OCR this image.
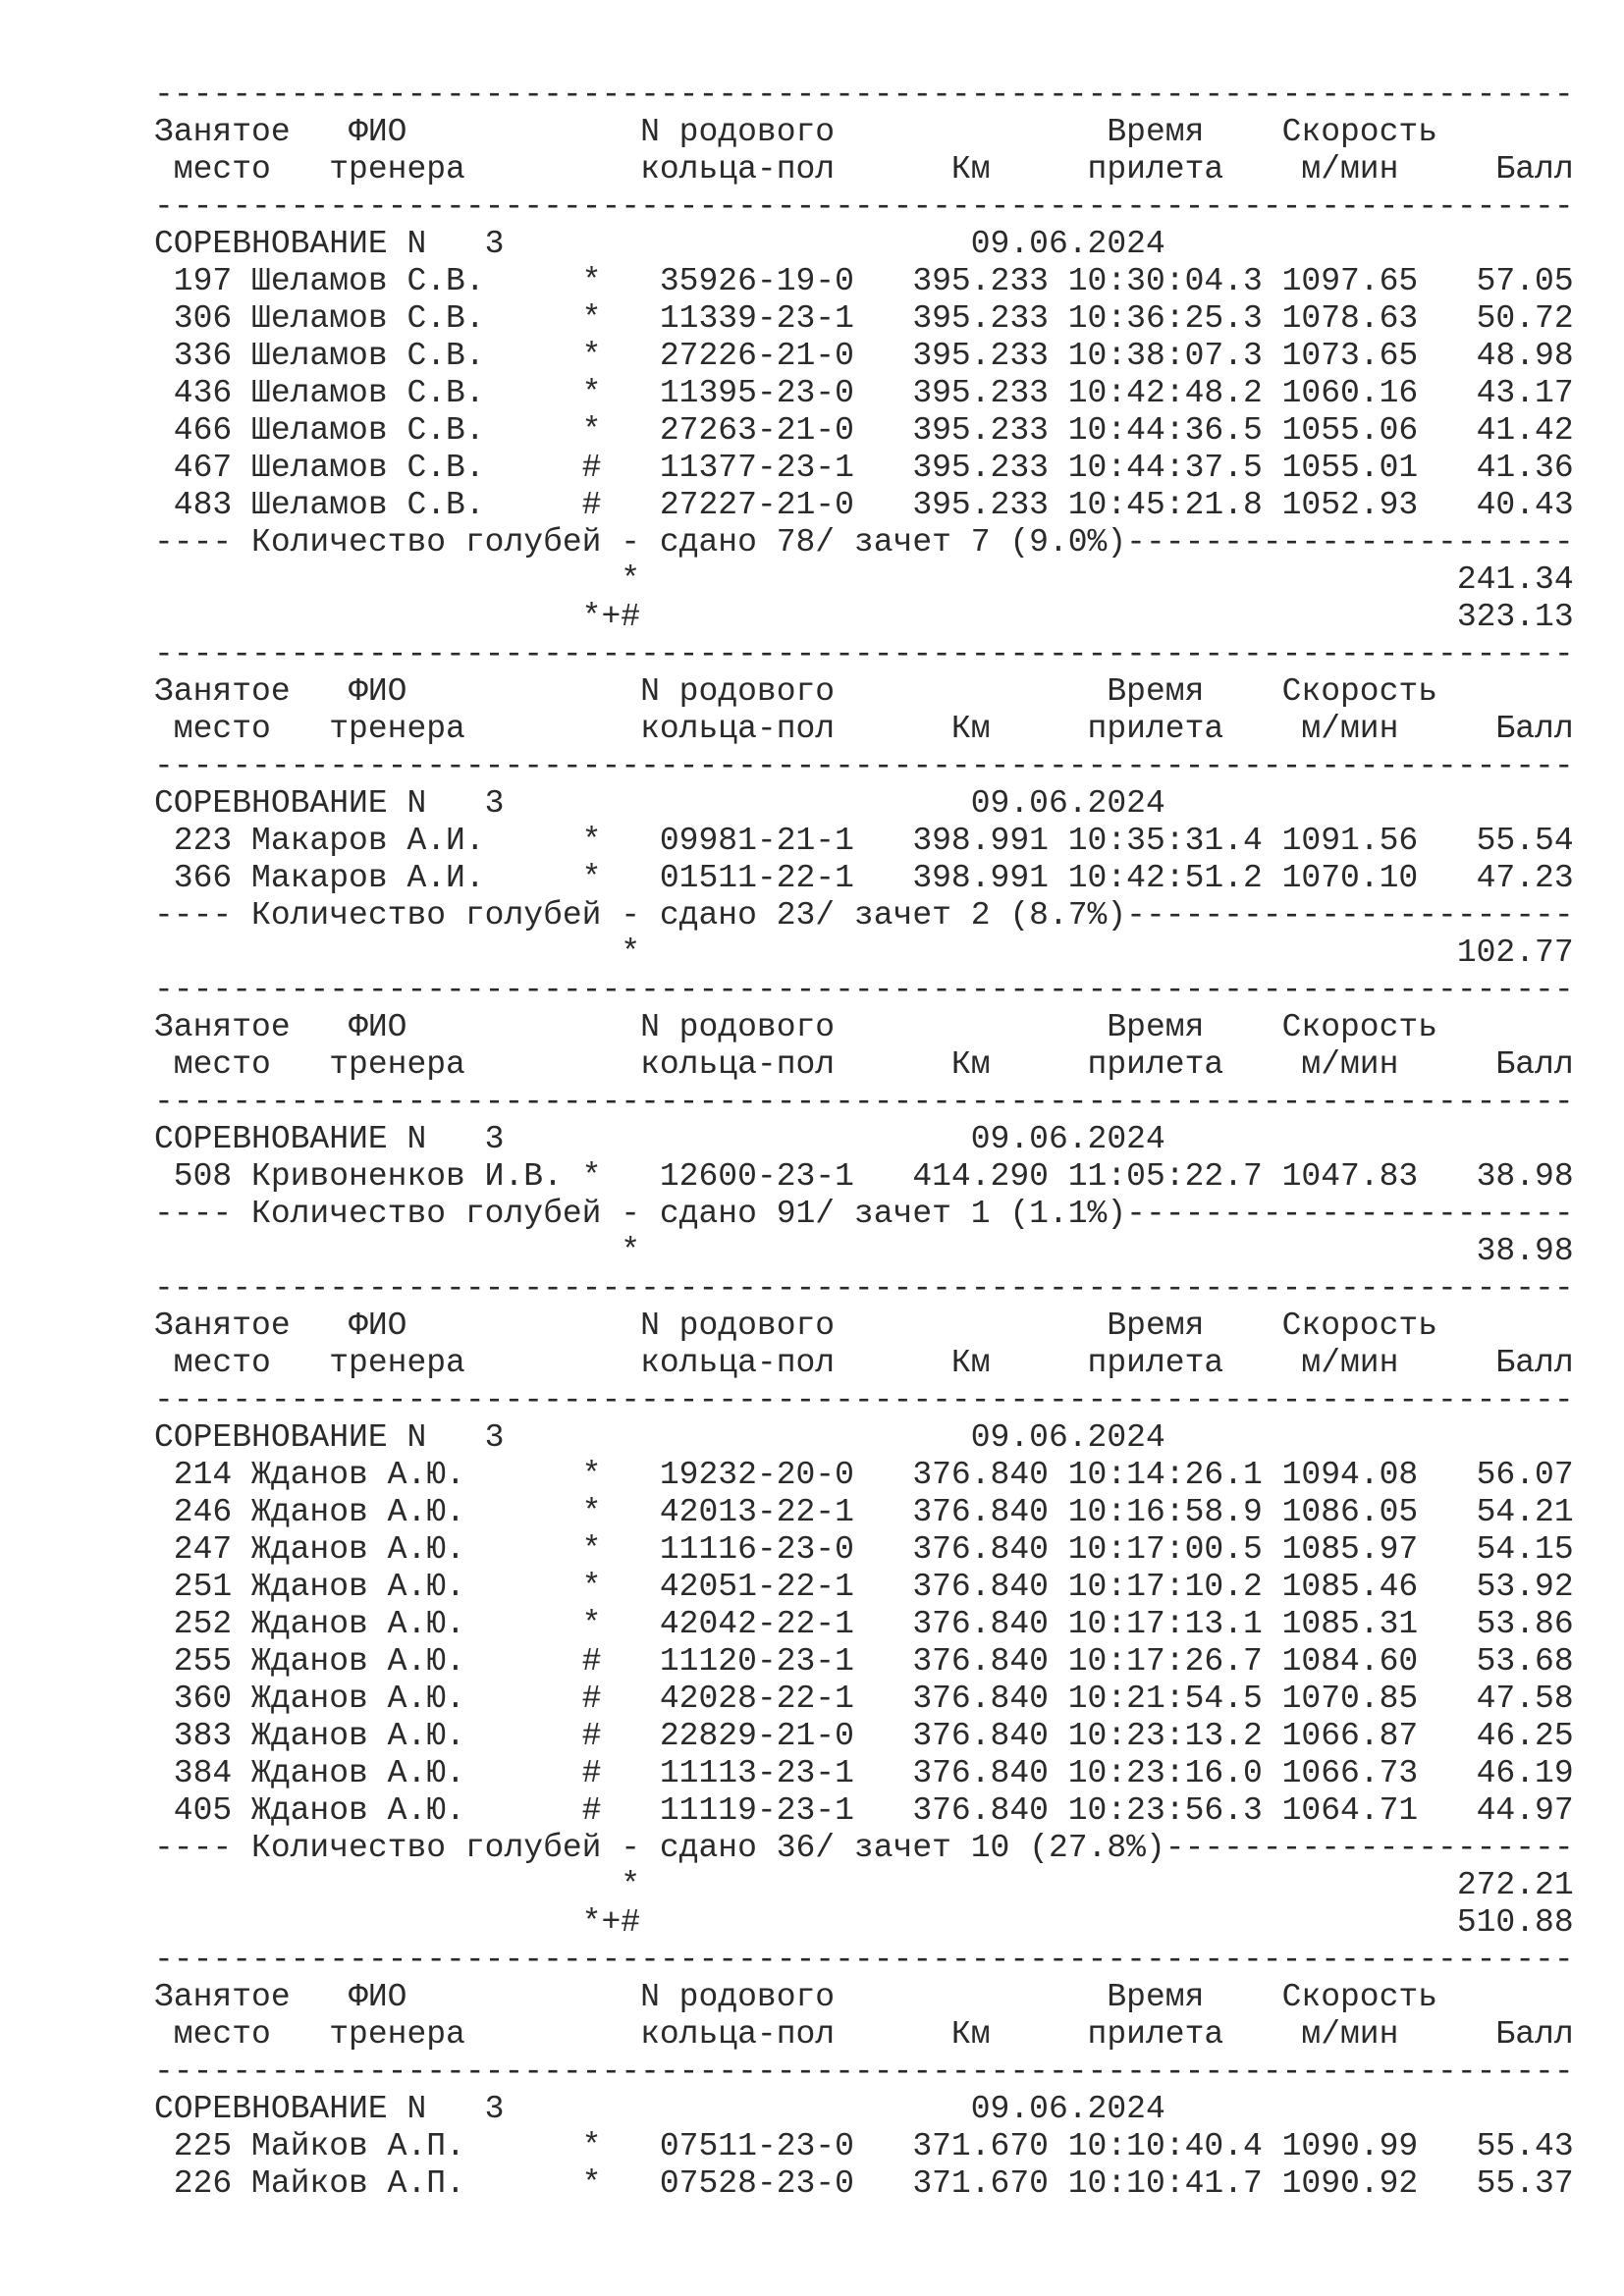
-------------------------------------------------------------------------
Занятое   ФИО            N родового              Время    Скорость
место   тренера         кольца-пол      Км     прилета    м/мин     Балл
-------------------------------------------------------------------------
СОРЕВНОВАНИЕ N   3                        09.06.2024
197 Шеламов С.В.     *   35926-19-0   395.233 10:30:04.3 1097.65   57.05
306 Шеламов С.В.     *   11339-23-1   395.233 10:36:25.3 1078.63   50.72
336 Шеламов С.В.     *   27226-21-0   395.233 10:38:07.3 1073.65   48.98
436 Шеламов С.В.     *   11395-23-0   395.233 10:42:48.2 1060.16   43.17
466 Шеламов С.В.     *   27263-21-0   395.233 10:44:36.5 1055.06   41.42
467 Шеламов С.В.     #   11377-23-1   395.233 10:44:37.5 1055.01   41.36
483 Шеламов С.В.     #   27227-21-0   395.233 10:45:21.8 1052.93   40.43
---- Количество голубей - сдано 78/ зачет 7 (9.0%)-----------------------
*                                          241.34
*+#                                          323.13
-------------------------------------------------------------------------
Занятое   ФИО            N родового              Время    Скорость
место   тренера         кольца-пол      Км     прилета    м/мин     Балл
-------------------------------------------------------------------------
СОРЕВНОВАНИЕ N   3                        09.06.2024
223 Макаров А.И.     *   09981-21-1   398.991 10:35:31.4 1091.56   55.54
366 Макаров А.И.     *   01511-22-1   398.991 10:42:51.2 1070.10   47.23
---- Количество голубей - сдано 23/ зачет 2 (8.7%)-----------------------
*                                          102.77
-------------------------------------------------------------------------
Занятое   ФИО            N родового              Время    Скорость
место   тренера         кольца-пол      Км     прилета    м/мин     Балл
-------------------------------------------------------------------------
СОРЕВНОВАНИЕ N   3                        09.06.2024
508 Кривоненков И.В. *   12600-23-1   414.290 11:05:22.7 1047.83   38.98
---- Количество голубей - сдано 91/ зачет 1 (1.1%)-----------------------
*                                           38.98
-------------------------------------------------------------------------
Занятое   ФИО            N родового              Время    Скорость
место   тренера         кольца-пол      Км     прилета    м/мин     Балл
-------------------------------------------------------------------------
СОРЕВНОВАНИЕ N   3                        09.06.2024
214 Жданов А.Ю.      *   19232-20-0   376.840 10:14:26.1 1094.08   56.07
246 Жданов А.Ю.      *   42013-22-1   376.840 10:16:58.9 1086.05   54.21
247 Жданов А.Ю.      *   11116-23-0   376.840 10:17:00.5 1085.97   54.15
251 Жданов А.Ю.      *   42051-22-1   376.840 10:17:10.2 1085.46   53.92
252 Жданов А.Ю.      *   42042-22-1   376.840 10:17:13.1 1085.31   53.86
255 Жданов А.Ю.      #   11120-23-1   376.840 10:17:26.7 1084.60   53.68
360 Жданов А.Ю.      #   42028-22-1   376.840 10:21:54.5 1070.85   47.58
383 Жданов А.Ю.      #   22829-21-0   376.840 10:23:13.2 1066.87   46.25
384 Жданов А.Ю.      #   11113-23-1   376.840 10:23:16.0 1066.73   46.19
405 Жданов А.Ю.      #   11119-23-1   376.840 10:23:56.3 1064.71   44.97
---- Количество голубей - сдано 36/ зачет 10 (27.8%)---------------------
*                                          272.21
*+#                                          510.88
-------------------------------------------------------------------------
Занятое   ФИО            N родового              Время    Скорость
место   тренера         кольца-пол      Км     прилета    м/мин     Балл
-------------------------------------------------------------------------
СОРЕВНОВАНИЕ N   3                        09.06.2024
225 Майков А.П.      *   07511-23-0   371.670 10:10:40.4 1090.99   55.43
226 Майков А.П.      *   07528-23-0   371.670 10:10:41.7 1090.92   55.37
